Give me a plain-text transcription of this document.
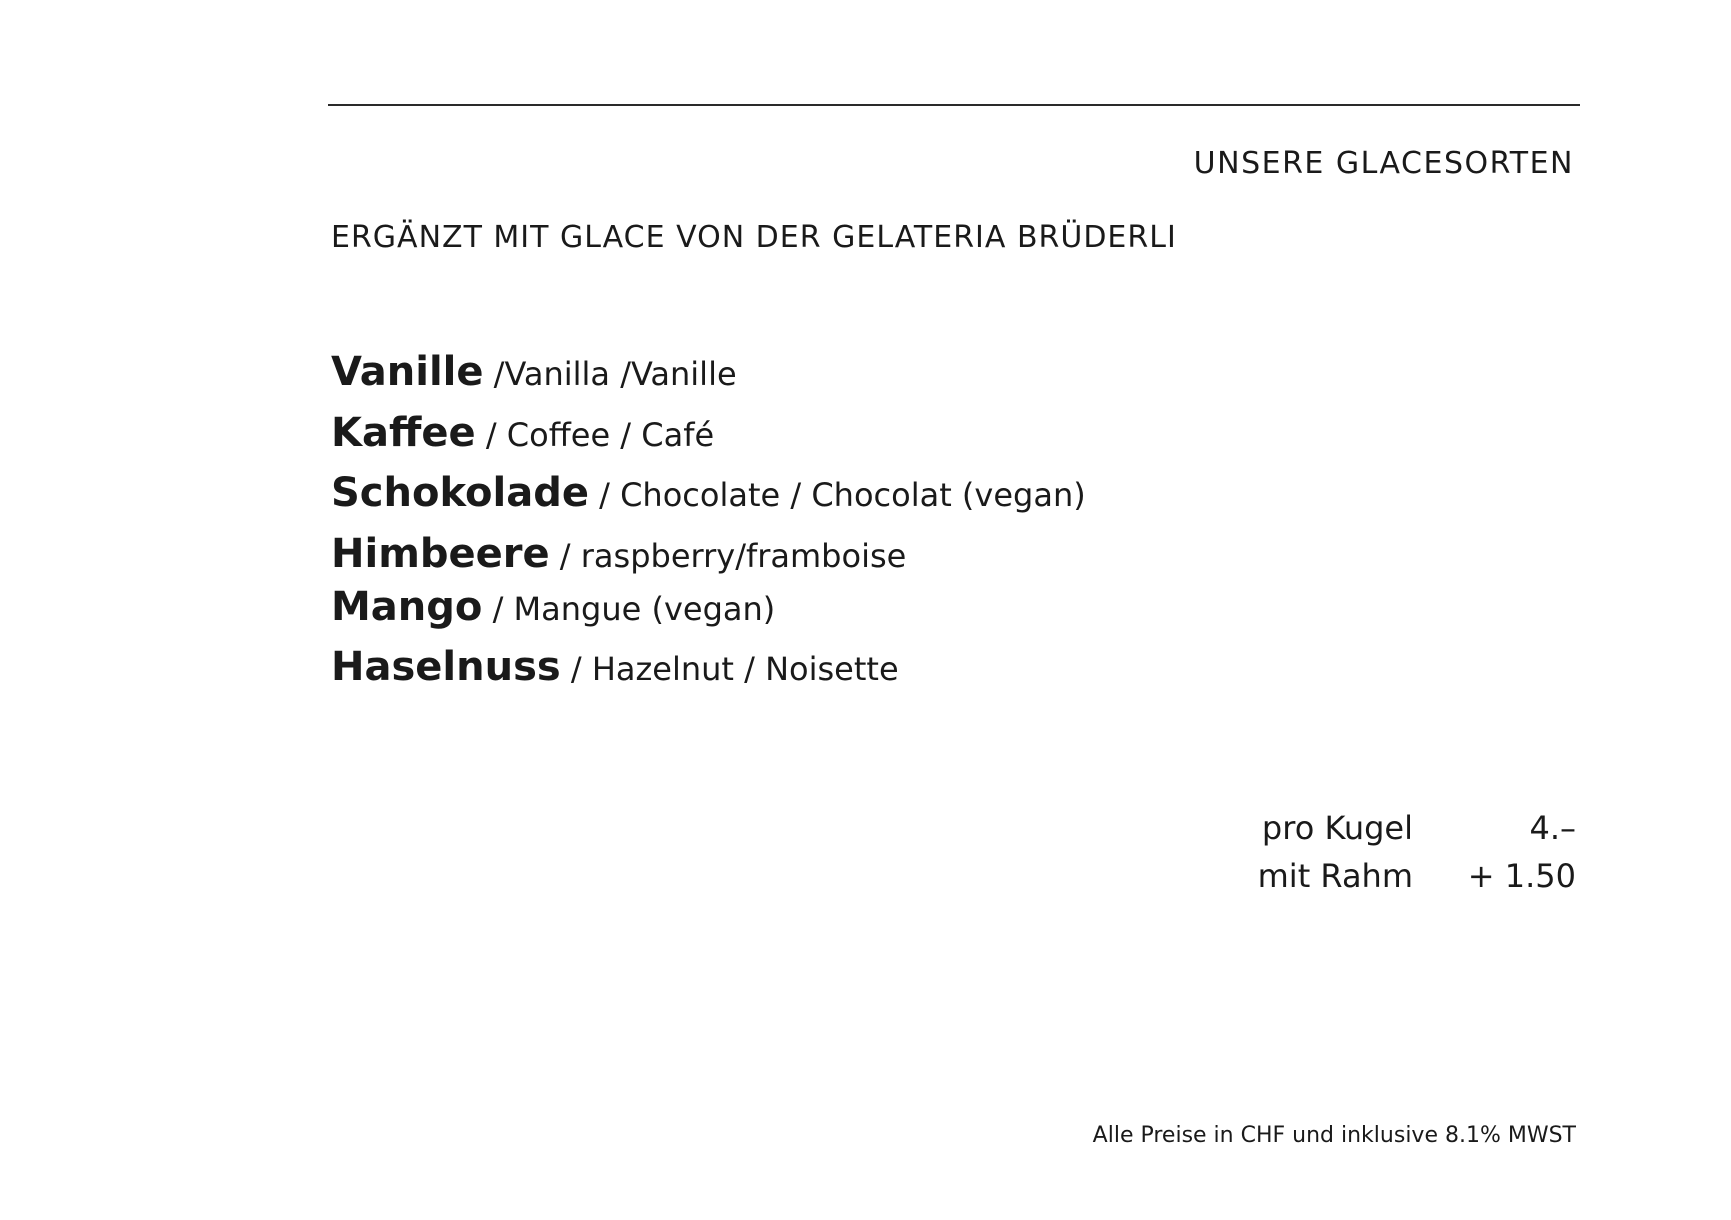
UNSERE GLACESORTEN
ERGÄNZT MIT GLACE VON DER GELATERIA BRÜDERLI
Vanille /Vanilla /Vanille
Kaffee / Coffee / Café
Schokolade / Chocolate / Chocolat (vegan)
Himbeere / raspberry/framboise
Mango / Mangue (vegan)
Haselnuss / Hazelnut / Noisette
pro Kugel	4.–
mit Rahm	+ 1.50
Alle Preise in CHF und inklusive 8.1% MWST
